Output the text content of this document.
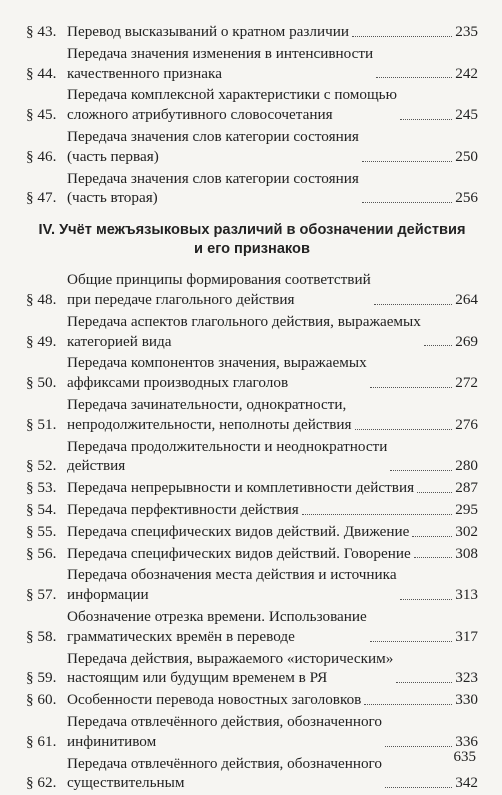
§ 43. Перевод высказываний о кратном различии	235
§ 44.
Передача значения изменения в интенсивности
качественного признака	242
§ 45.
Передача комплексной характеристики с помощью
сложного атрибутивного словосочетания	245
§ 46.
Передача значения слов категории состояния
(часть первая)	250
§ 47.
Передача значения слов категории состояния
(часть вторая)	256
IV. Учёт межъязыковых различий в обозначении действия
и его признаков
§ 48.
Общие принципы формирования соответствий
при передаче глагольного действия	264
§ 49.
Передача аспектов глагольного действия, выражаемых
категорией вида	269
§ 50.
Передача компонентов значения, выражаемых
аффиксами производных глаголов	272
§ 51.
Передача зачинательности, однократности,
непродолжительности, неполноты действия	276
§ 52.
Передача продолжительности и неоднократности
действия	280
§ 53. Передача непрерывности и комплетивности действия	287
§ 54. Передача перфективности действия	295
§ 55. Передача специфических видов действий. Движение	302
§ 56. Передача специфических видов действий. Говорение	308
§ 57.
Передача обозначения места действия и источника
информации	313
§ 58.
Обозначение отрезка времени. Использование
грамматических времён в переводе	317
§ 59.
Передача действия, выражаемого «историческим»
настоящим или будущим временем в РЯ	323
§ 60. Особенности перевода новостных заголовков	330
§ 61.
Передача отвлечённого действия, обозначенного
инфинитивом	336
§ 62.
Передача отвлечённого действия, обозначенного
существительным	342
635
